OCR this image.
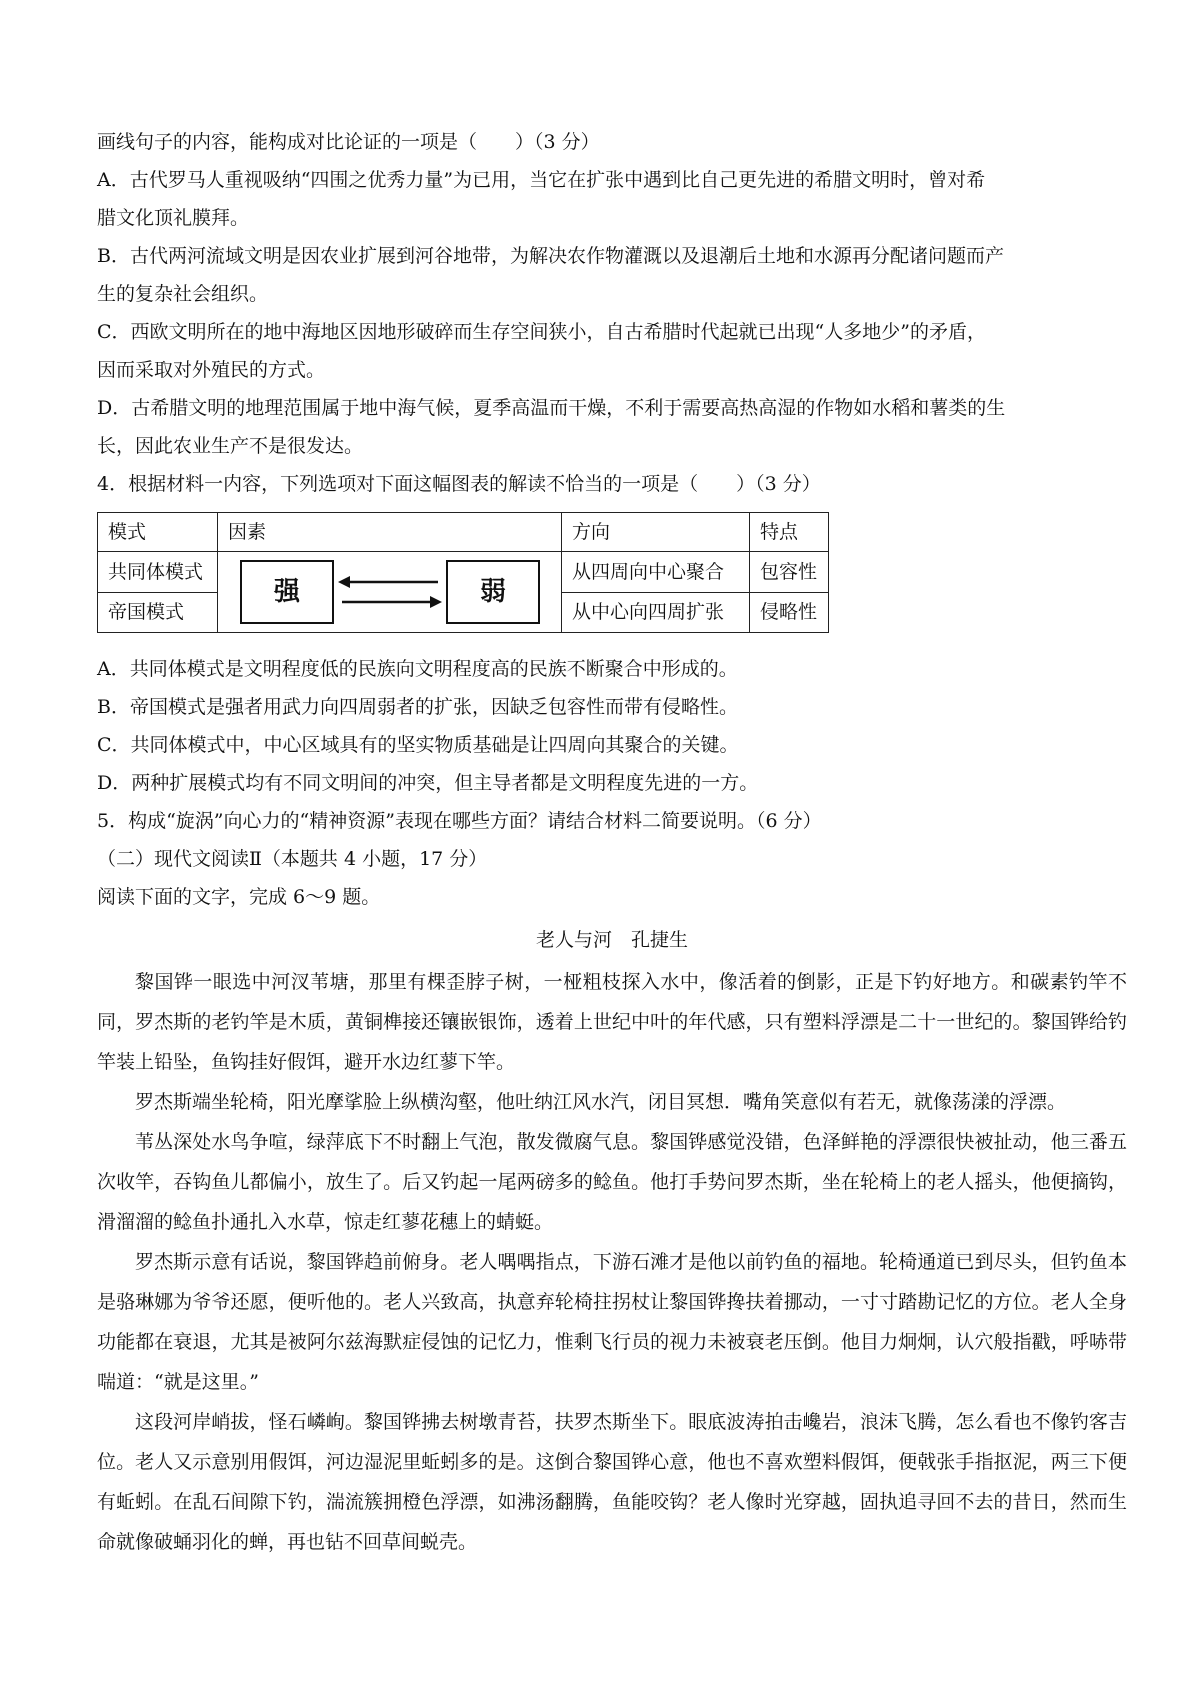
画线句子的内容，能构成对比论证的一项是（　　）（3 分）

A．古代罗马人重视吸纳“四围之优秀力量”为已用，当它在扩张中遇到比自己更先进的希腊文明时，曾对希

腊文化顶礼膜拜。

B．古代两河流域文明是因农业扩展到河谷地带，为解决农作物灌溉以及退潮后土地和水源再分配诸问题而产

生的复杂社会组织。

C．西欧文明所在的地中海地区因地形破碎而生存空间狭小，自古希腊时代起就已出现“人多地少”的矛盾，

因而采取对外殖民的方式。

D．古希腊文明的地理范围属于地中海气候，夏季高温而干燥，不利于需要高热高湿的作物如水稻和薯类的生

长，因此农业生产不是很发达。

4．根据材料一内容，下列选项对下面这幅图表的解读不恰当的一项是（　　）（3 分）

模式	因素	方向	特点
共同体模式	强 弱	从四周向中心聚合	包容性
帝国模式		从中心向四周扩张	侵略性

A．共同体模式是文明程度低的民族向文明程度高的民族不断聚合中形成的。

B．帝国模式是强者用武力向四周弱者的扩张，因缺乏包容性而带有侵略性。

C．共同体模式中，中心区域具有的坚实物质基础是让四周向其聚合的关键。

D．两种扩展模式均有不同文明间的冲突，但主导者都是文明程度先进的一方。

5．构成“旋涡”向心力的“精神资源”表现在哪些方面？请结合材料二简要说明。（6 分）

（二）现代文阅读Ⅱ（本题共 4 小题，17 分）

阅读下面的文字，完成 6～9 题。

老人与河　孔捷生

黎国铧一眼选中河汊苇塘，那里有棵歪脖子树，一桠粗枝探入水中，像活着的倒影，正是下钓好地方。和碳素钓竿不同，罗杰斯的老钓竿是木质，黄铜榫接还镶嵌银饰，透着上世纪中叶的年代感，只有塑料浮漂是二十一世纪的。黎国铧给钓竿装上铅坠，鱼钩挂好假饵，避开水边红蓼下竿。

罗杰斯端坐轮椅，阳光摩挲脸上纵横沟壑，他吐纳江风水汽，闭目冥想．嘴角笑意似有若无，就像荡漾的浮漂。

苇丛深处水鸟争喧，绿萍底下不时翻上气泡，散发微腐气息。黎国铧感觉没错，色泽鲜艳的浮漂很快被扯动，他三番五次收竿，吞钩鱼儿都偏小，放生了。后又钓起一尾两磅多的鲶鱼。他打手势问罗杰斯，坐在轮椅上的老人摇头，他便摘钩，滑溜溜的鲶鱼扑通扎入水草，惊走红蓼花穗上的蜻蜓。

罗杰斯示意有话说，黎国铧趋前俯身。老人喁喁指点，下游石滩才是他以前钓鱼的福地。轮椅通道已到尽头，但钓鱼本是骆琳娜为爷爷还愿，便听他的。老人兴致高，执意弃轮椅拄拐杖让黎国铧搀扶着挪动，一寸寸踏勘记忆的方位。老人全身功能都在衰退，尤其是被阿尔兹海默症侵蚀的记忆力，惟剩飞行员的视力未被衰老压倒。他目力炯炯，认穴般指戳，呼哧带喘道：“就是这里。”

这段河岸峭拔，怪石嶙峋。黎国铧拂去树墩青苔，扶罗杰斯坐下。眼底波涛拍击巉岩，浪沫飞腾，怎么看也不像钓客吉位。老人又示意别用假饵，河边湿泥里蚯蚓多的是。这倒合黎国铧心意，他也不喜欢塑料假饵，便戟张手指抠泥，两三下便有蚯蚓。在乱石间隙下钓，湍流簇拥橙色浮漂，如沸汤翻腾，鱼能咬钩？老人像时光穿越，固执追寻回不去的昔日，然而生命就像破蛹羽化的蝉，再也钻不回草间蜕壳。
